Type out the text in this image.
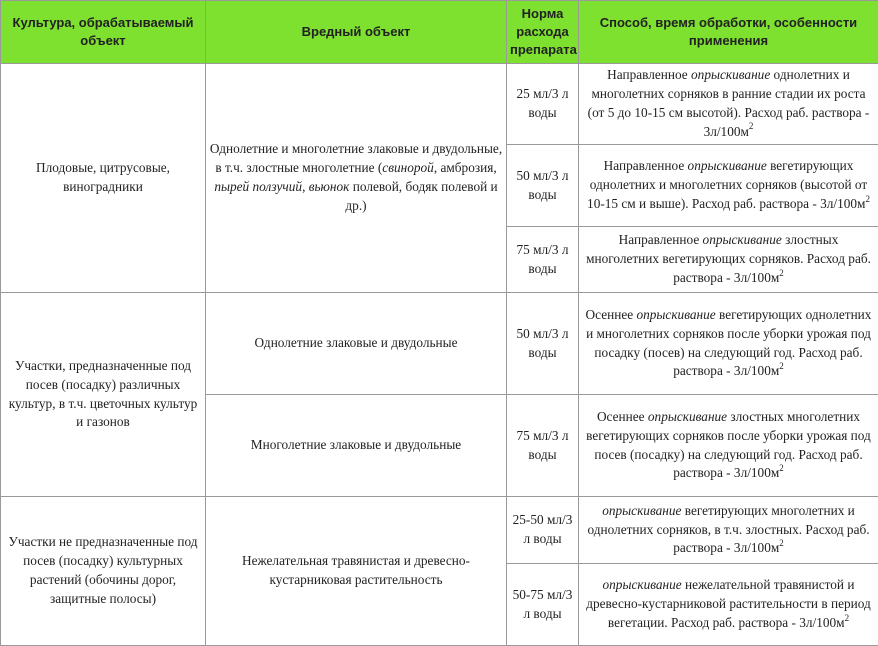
Культура, обрабатываемый объект	Вредный объект	Норма расхода препарата	Способ, время обработки, особенности применения
Плодовые, цитрусовые, виноградники	Однолетние и многолетние злаковые и двудольные, в т.ч. злостные многолетние (свинорой, амброзия, пырей ползучий, вьюнок полевой, бодяк полевой и др.)	25 мл/3 л воды	Направленное опрыскивание однолетних и многолетних сорняков в ранние стадии их роста (от 5 до 10-15 см высотой). Расход раб. раствора - $3л/100м^2$
		50 мл/3 л воды	Направленное опрыскивание вегетирующих однолетних и многолетних сорняков (высотой от 10-15 см и выше). Расход раб. раствора - $3л/100м^2$
		75 мл/3 л воды	Направленное опрыскивание злостных многолетних вегетирующих сорняков. Расход раб. раствора - $3л/100м^2$
Участки, предназначенные под посев (посадку) различных культур, в т.ч. цветочных культур и газонов	Однолетние злаковые и двудольные	50 мл/3 л воды	Осеннее опрыскивание вегетирующих однолетних и многолетних сорняков после уборки урожая под посадку (посев) на следующий год. Расход раб. раствора - $3л/100м^2$
	Многолетние злаковые и двудольные	75 мл/3 л воды	Осеннее опрыскивание злостных многолетних вегетирующих сорняков после уборки урожая под посев (посадку) на следующий год. Расход раб. раствора - $3л/100м^2$
Участки не предназначенные под посев (посадку) культурных растений (обочины дорог, защитные полосы)	Нежелательная травянистая и древесно-кустарниковая растительность	25-50 мл/3 л воды	опрыскивание вегетирующих многолетних и однолетних сорняков, в т.ч. злостных. Расход раб. раствора - $3л/100м^2$
		50-75 мл/3 л воды	опрыскивание нежелательной травянистой и древесно-кустарниковой растительности в период вегетации. Расход раб. раствора - $3л/100м^2$
